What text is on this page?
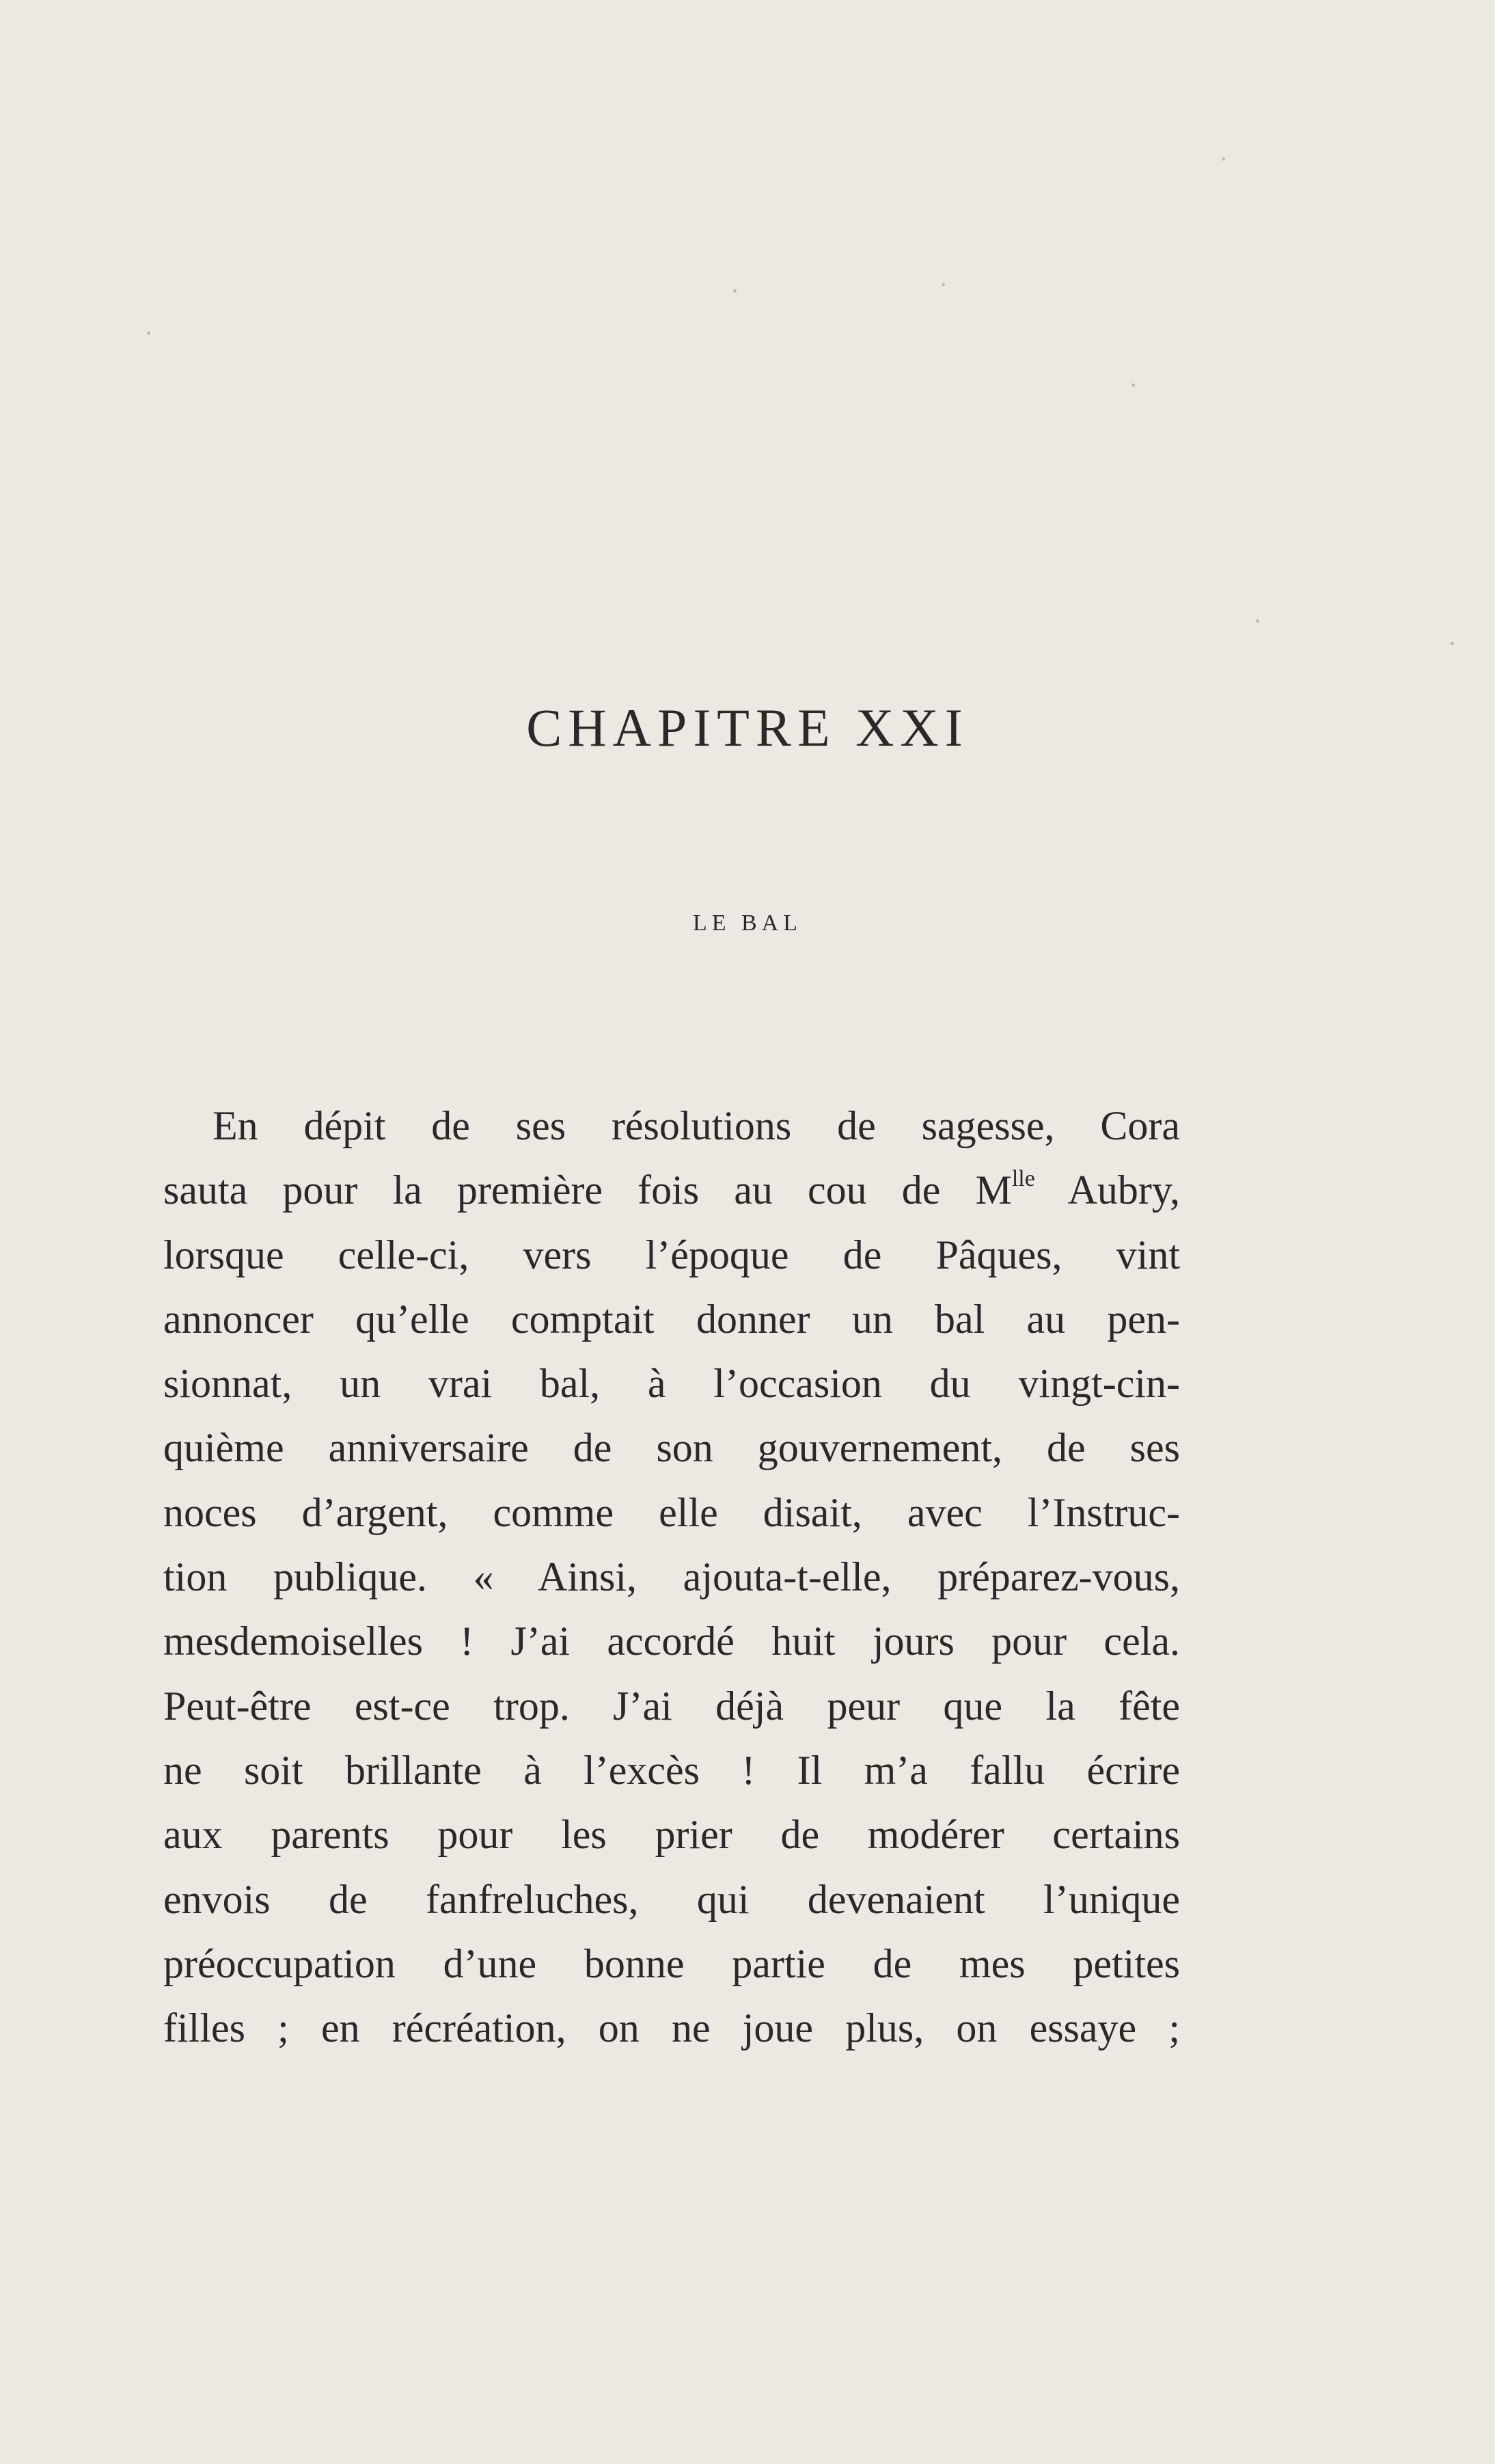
CHAPITRE XXI
LE BAL
En dépit de ses résolutions de sagesse, Cora
sauta pour la première fois au cou de $M^{lle}$ Aubry,
lorsque celle-ci, vers l’époque de Pâques, vint
annoncer qu’elle comptait donner un bal au pen-
sionnat, un vrai bal, à l’occasion du vingt-cin-
quième anniversaire de son gouvernement, de ses
noces d’argent, comme elle disait, avec l’Instruc-
tion publique. « Ainsi, ajouta-t-elle, préparez-vous,
mesdemoiselles ! J’ai accordé huit jours pour cela.
Peut-être est-ce trop. J’ai déjà peur que la fête
ne soit brillante à l’excès ! Il m’a fallu écrire
aux parents pour les prier de modérer certains
envois de fanfreluches, qui devenaient l’unique
préoccupation d’une bonne partie de mes petites
filles ; en récréation, on ne joue plus, on essaye ;
